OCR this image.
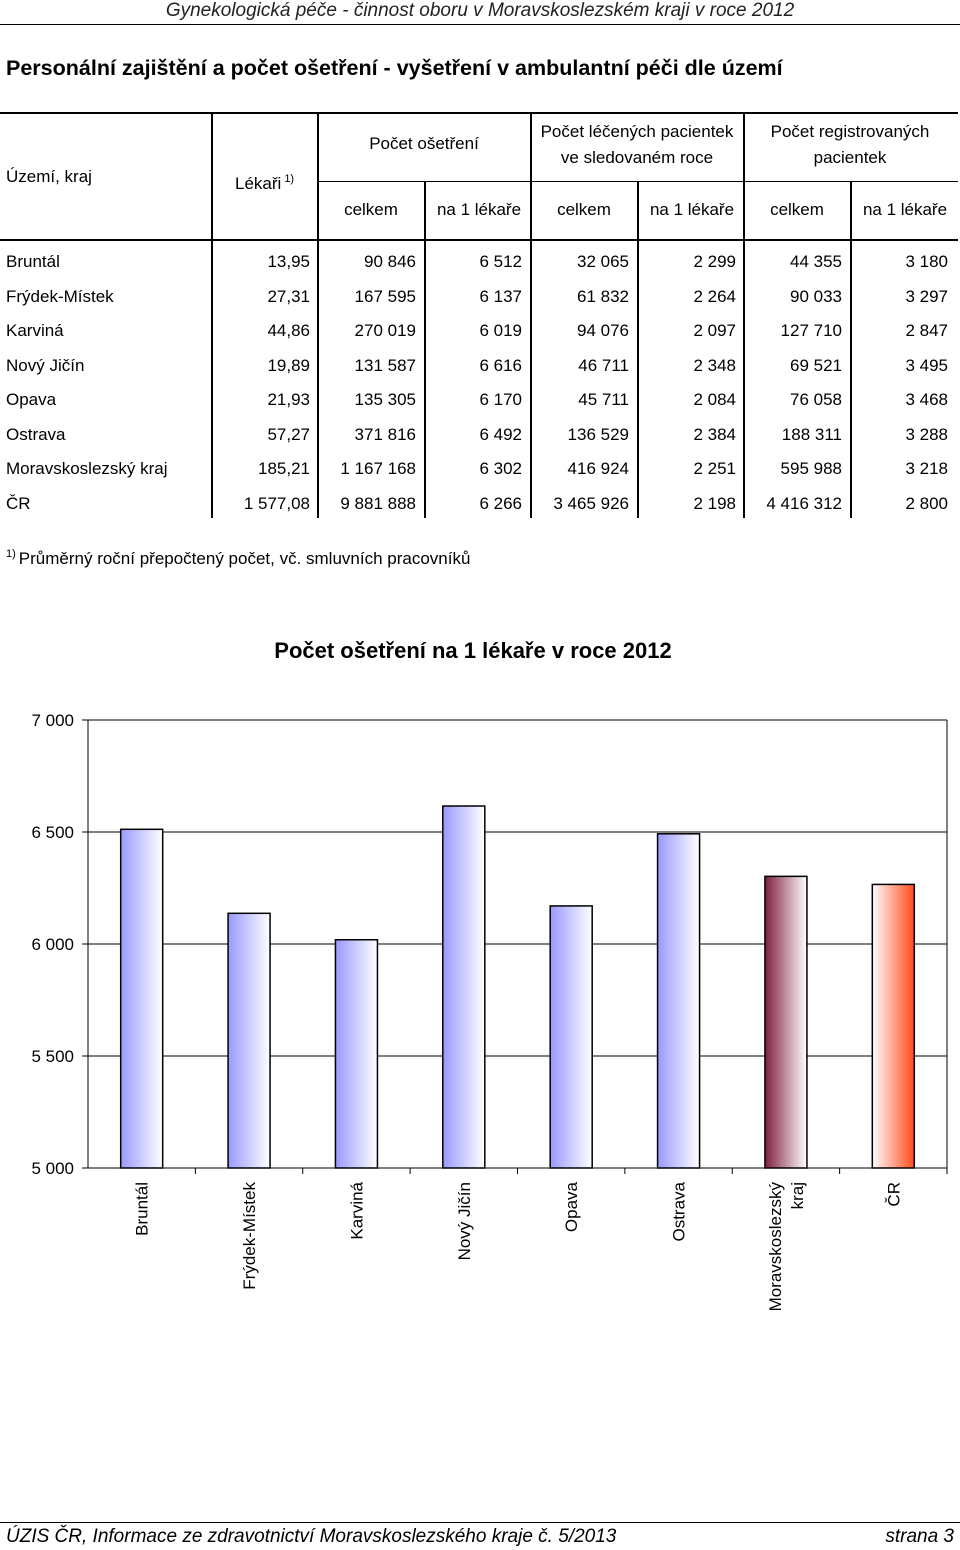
Gynekologická péče - činnost oboru v Moravskoslezském kraji v roce 2012
Personální zajištění a počet ošetření - vyšetření v ambulantní péči dle území
Území, kraj	Lékaři $^{1)}$
Počet ošetření
Počet léčených pacientek
ve sledovaném roce
Počet registrovaných
pacientek
celkem	na 1 lékaře	celkem	na 1 lékaře	celkem	na 1 lékaře
Bruntál	13,95	90 846	6 512	32 065	2 299	44 355	3 180
Frýdek-Místek	27,31	167 595	6 137	61 832	2 264	90 033	3 297
Karviná	44,86	270 019	6 019	94 076	2 097	127 710	2 847
Nový Jičín	19,89	131 587	6 616	46 711	2 348	69 521	3 495
Opava	21,93	135 305	6 170	45 711	2 084	76 058	3 468
Ostrava	57,27	371 816	6 492	136 529	2 384	188 311	3 288
Moravskoslezský kraj	185,21	1 167 168	6 302	416 924	2 251	595 988	3 218
ČR	1 577,08	9 881 888	6 266	3 465 926	2 198	4 416 312	2 800
$^{1)}$ Průměrný roční přepočtený počet, vč. smluvních pracovníků
Počet ošetření na 1 lékaře v roce 2012
5 000
5 500
6 000
6 500
7 000
Bruntál	Frýdek-Místek	Karviná	Nový Jičín	Opava	Ostrava	Moravskoslezský kraj	ČR
ÚZIS ČR, Informace ze zdravotnictví Moravskoslezského kraje č. 5/2013	strana 3
